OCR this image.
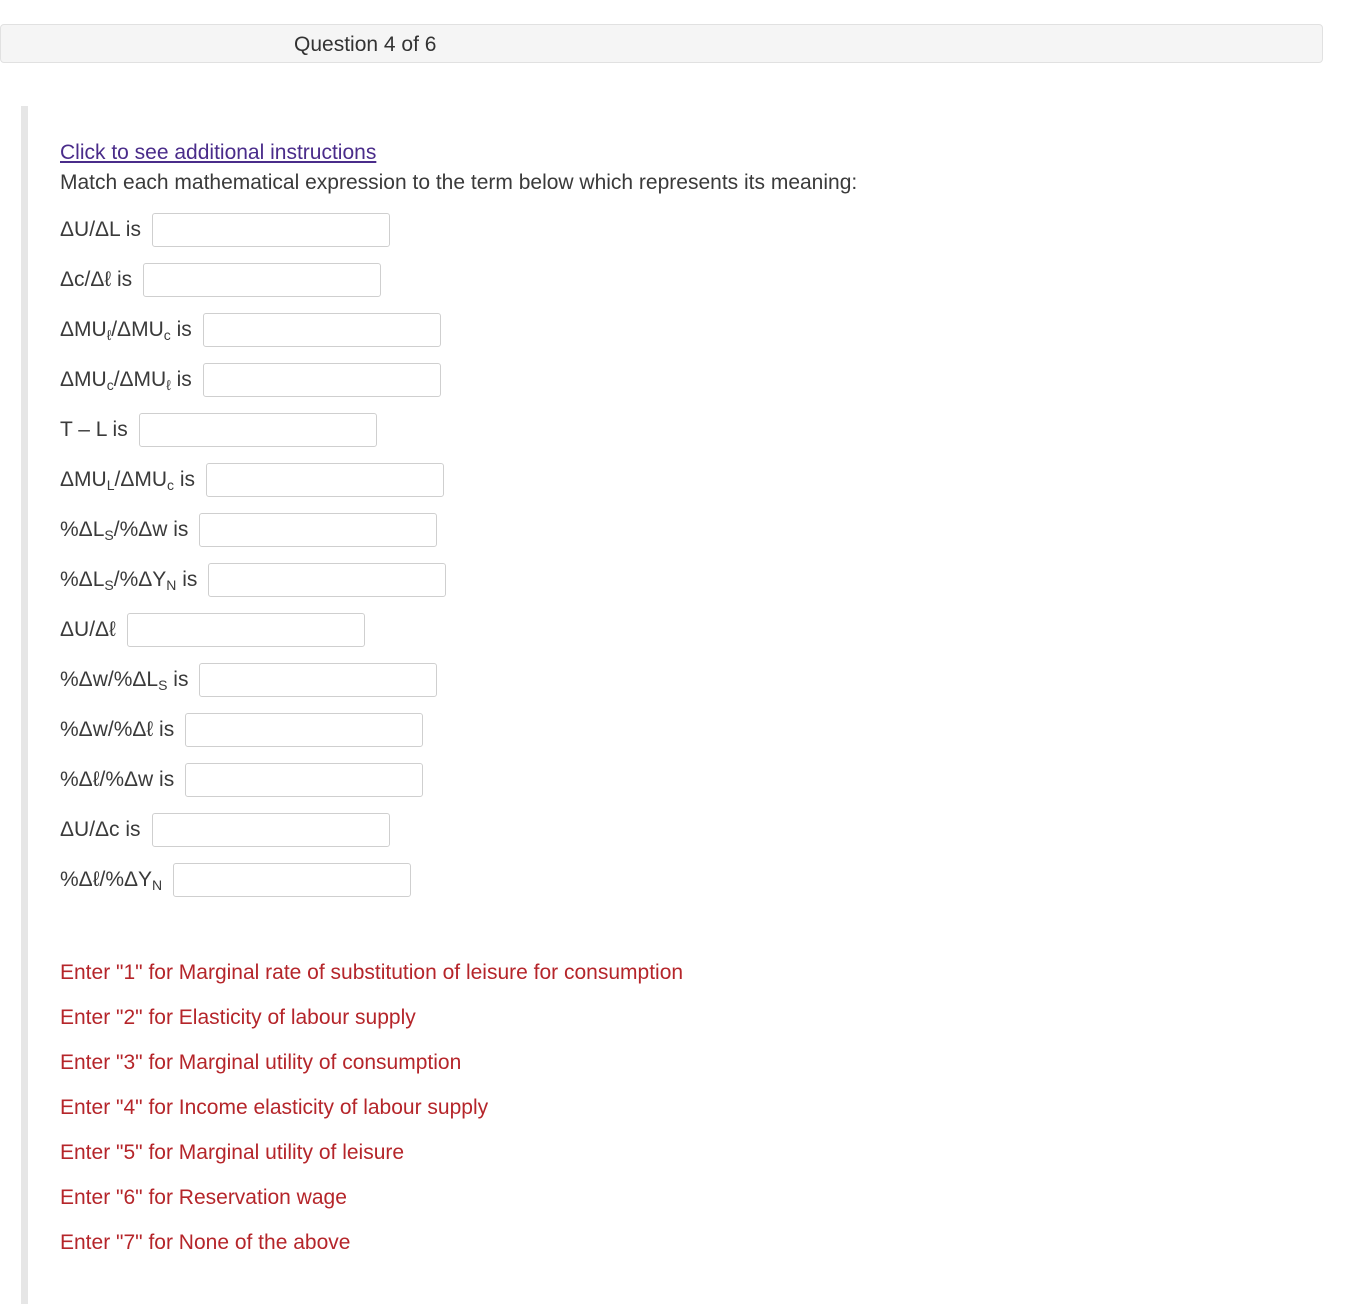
Question 4 of 6
Click to see additional instructions
Match each mathematical expression to the term below which represents its meaning:
ΔU/ΔL is
Δc/Δℓ is
$\Delta MU_\ell/\Delta MU_c$ is
$\Delta MU_c/\Delta MU_\ell$ is
T – L is
$\Delta MU_L/\Delta MU_c$ is
$\%\Delta L_S/\%\Delta w$ is
$\%\Delta L_S/\%\Delta Y_N$ is
ΔU/Δℓ
$\%\Delta w/\%\Delta L_S$ is
%Δw/%Δℓ is
%Δℓ/%Δw is
ΔU/Δc is
$\%\Delta\ell/\%\Delta Y_N$
Enter "1" for Marginal rate of substitution of leisure for consumption
Enter "2" for Elasticity of labour supply
Enter "3" for Marginal utility of consumption
Enter "4" for Income elasticity of labour supply
Enter "5" for Marginal utility of leisure
Enter "6" for Reservation wage
Enter "7" for None of the above
